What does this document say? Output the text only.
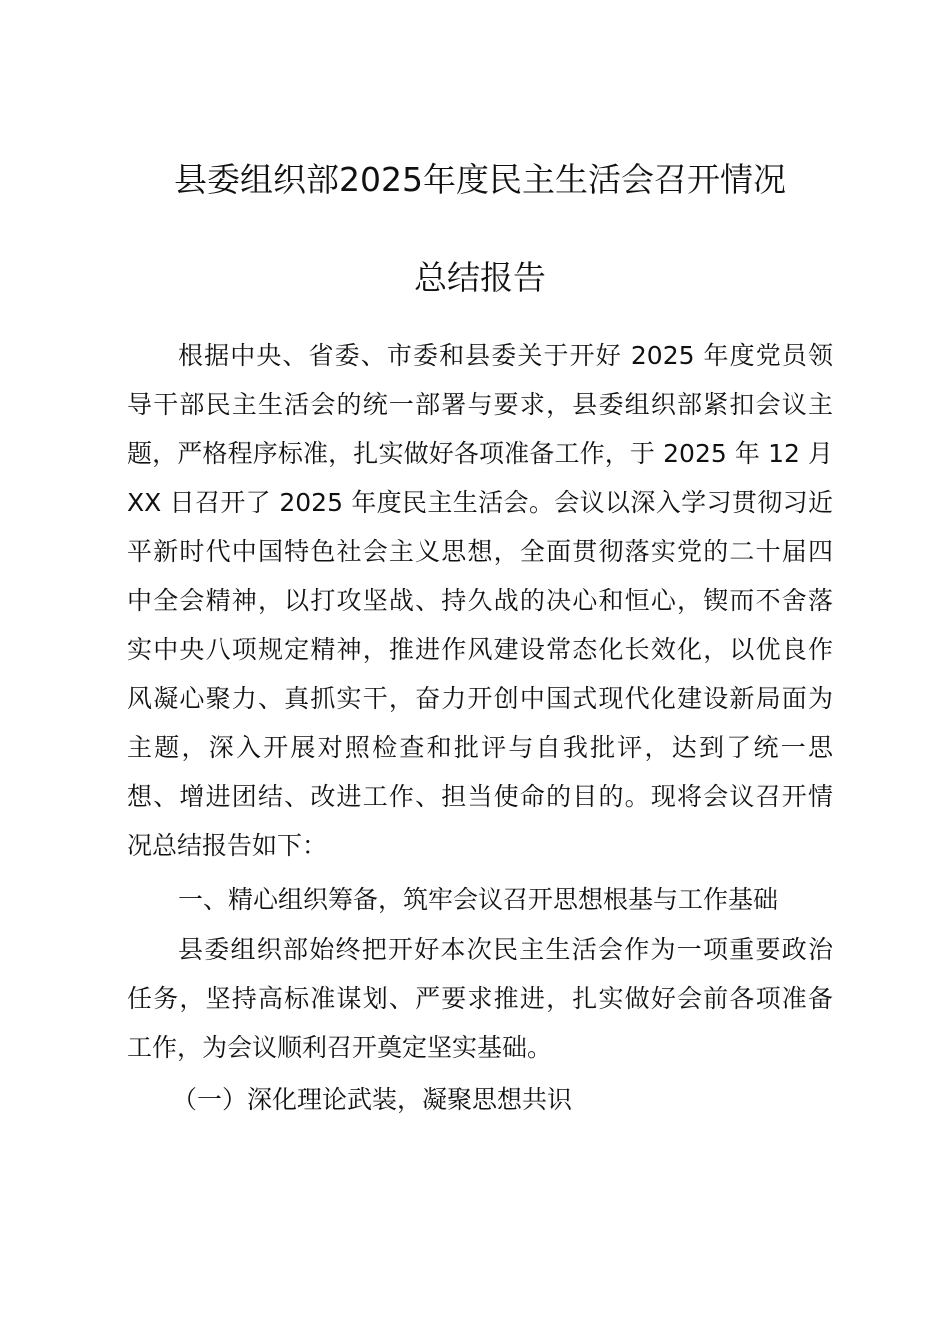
县委组织部2025年度民主生活会召开情况
总结报告
根据中央、省委、市委和县委关于开好 2025 年度党员领
导干部民主生活会的统一部署与要求，县委组织部紧扣会议主
题，严格程序标准，扎实做好各项准备工作，于 2025 年 12 月
XX 日召开了 2025 年度民主生活会。会议以深入学习贯彻习近
平新时代中国特色社会主义思想，全面贯彻落实党的二十届四
中全会精神，以打攻坚战、持久战的决心和恒心，锲而不舍落
实中央八项规定精神，推进作风建设常态化长效化，以优良作
风凝心聚力、真抓实干，奋力开创中国式现代化建设新局面为
主题，深入开展对照检查和批评与自我批评，达到了统一思
想、增进团结、改进工作、担当使命的目的。现将会议召开情
况总结报告如下：
一、精心组织筹备，筑牢会议召开思想根基与工作基础
县委组织部始终把开好本次民主生活会作为一项重要政治
任务，坚持高标准谋划、严要求推进，扎实做好会前各项准备
工作，为会议顺利召开奠定坚实基础。
（一）深化理论武装，凝聚思想共识
